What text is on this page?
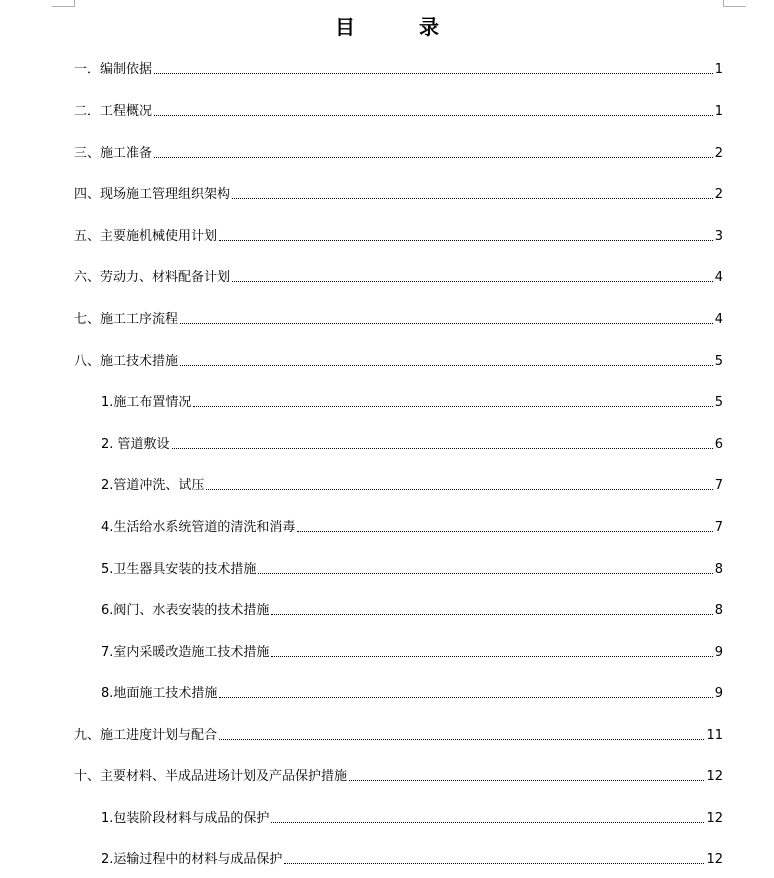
目　录
一．编制依据	1
二．工程概况	1
三、施工准备	2
四、现场施工管理组织架构	2
五、主要施机械使用计划	3
六、劳动力、材料配备计划	4
七、施工工序流程	4
八、施工技术措施	5
1.施工布置情况	5
2. 管道敷设	6
2.管道冲洗、试压	7
4.生活给水系统管道的清洗和消毒	7
5.卫生器具安装的技术措施	8
6.阀门、水表安装的技术措施	8
7.室内采暖改造施工技术措施	9
8.地面施工技术措施	9
九、施工进度计划与配合	11
十、主要材料、半成品进场计划及产品保护措施	12
1.包装阶段材料与成品的保护	12
2.运输过程中的材料与成品保护	12
